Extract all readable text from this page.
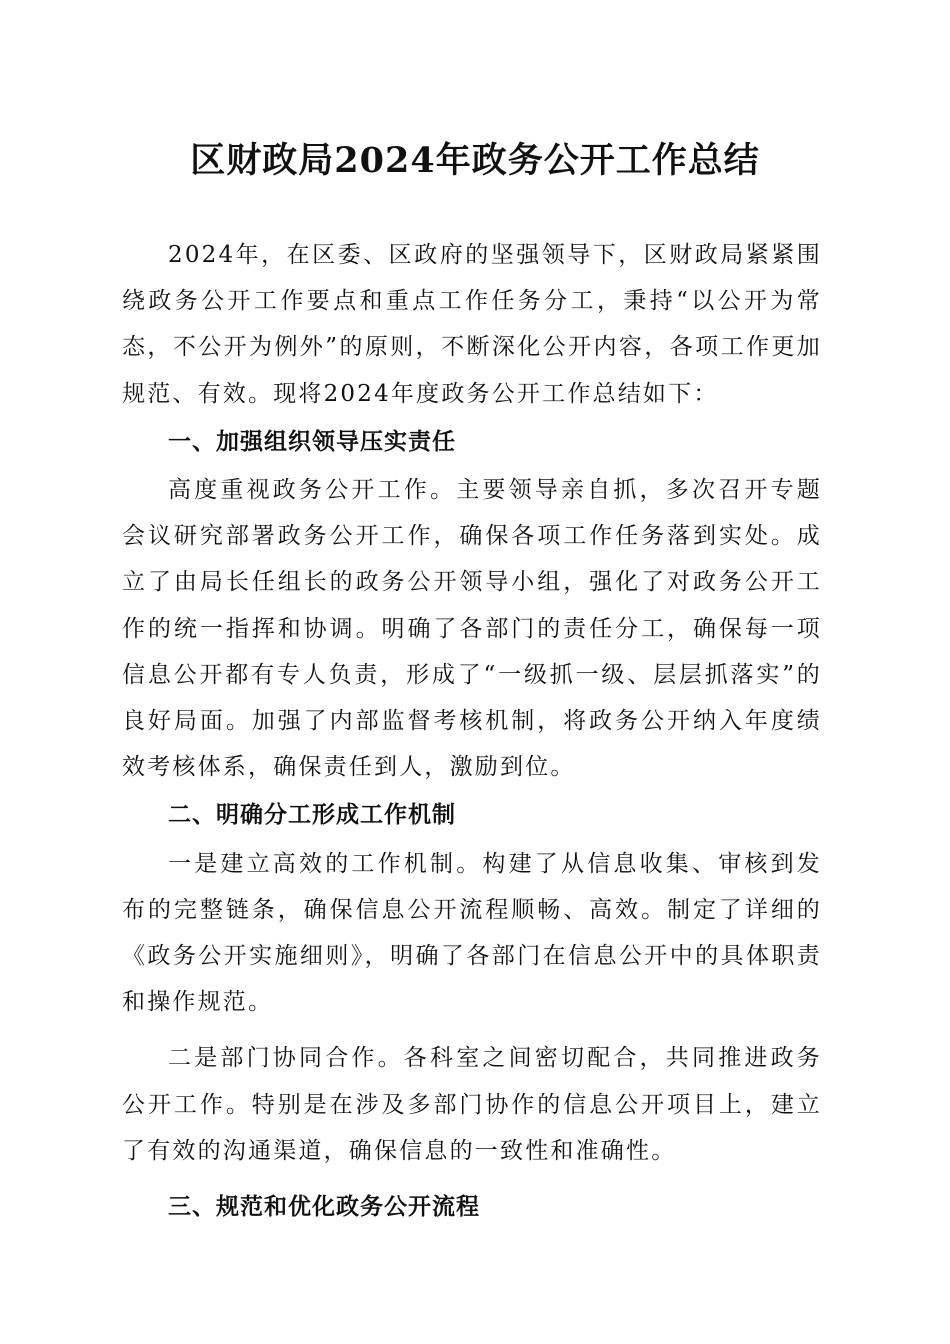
区财政局2024年政务公开工作总结

2024年，在区委、区政府的坚强领导下，区财政局紧紧围绕政务公开工作要点和重点工作任务分工，秉持“以公开为常态，不公开为例外”的原则，不断深化公开内容，各项工作更加规范、有效。现将2024年度政务公开工作总结如下：

一、加强组织领导压实责任

高度重视政务公开工作。主要领导亲自抓，多次召开专题会议研究部署政务公开工作，确保各项工作任务落到实处。成立了由局长任组长的政务公开领导小组，强化了对政务公开工作的统一指挥和协调。明确了各部门的责任分工，确保每一项信息公开都有专人负责，形成了“一级抓一级、层层抓落实”的良好局面。加强了内部监督考核机制，将政务公开纳入年度绩效考核体系，确保责任到人，激励到位。

二、明确分工形成工作机制

一是建立高效的工作机制。构建了从信息收集、审核到发布的完整链条，确保信息公开流程顺畅、高效。制定了详细的《政务公开实施细则》，明确了各部门在信息公开中的具体职责和操作规范。

二是部门协同合作。各科室之间密切配合，共同推进政务公开工作。特别是在涉及多部门协作的信息公开项目上，建立了有效的沟通渠道，确保信息的一致性和准确性。

三、规范和优化政务公开流程
